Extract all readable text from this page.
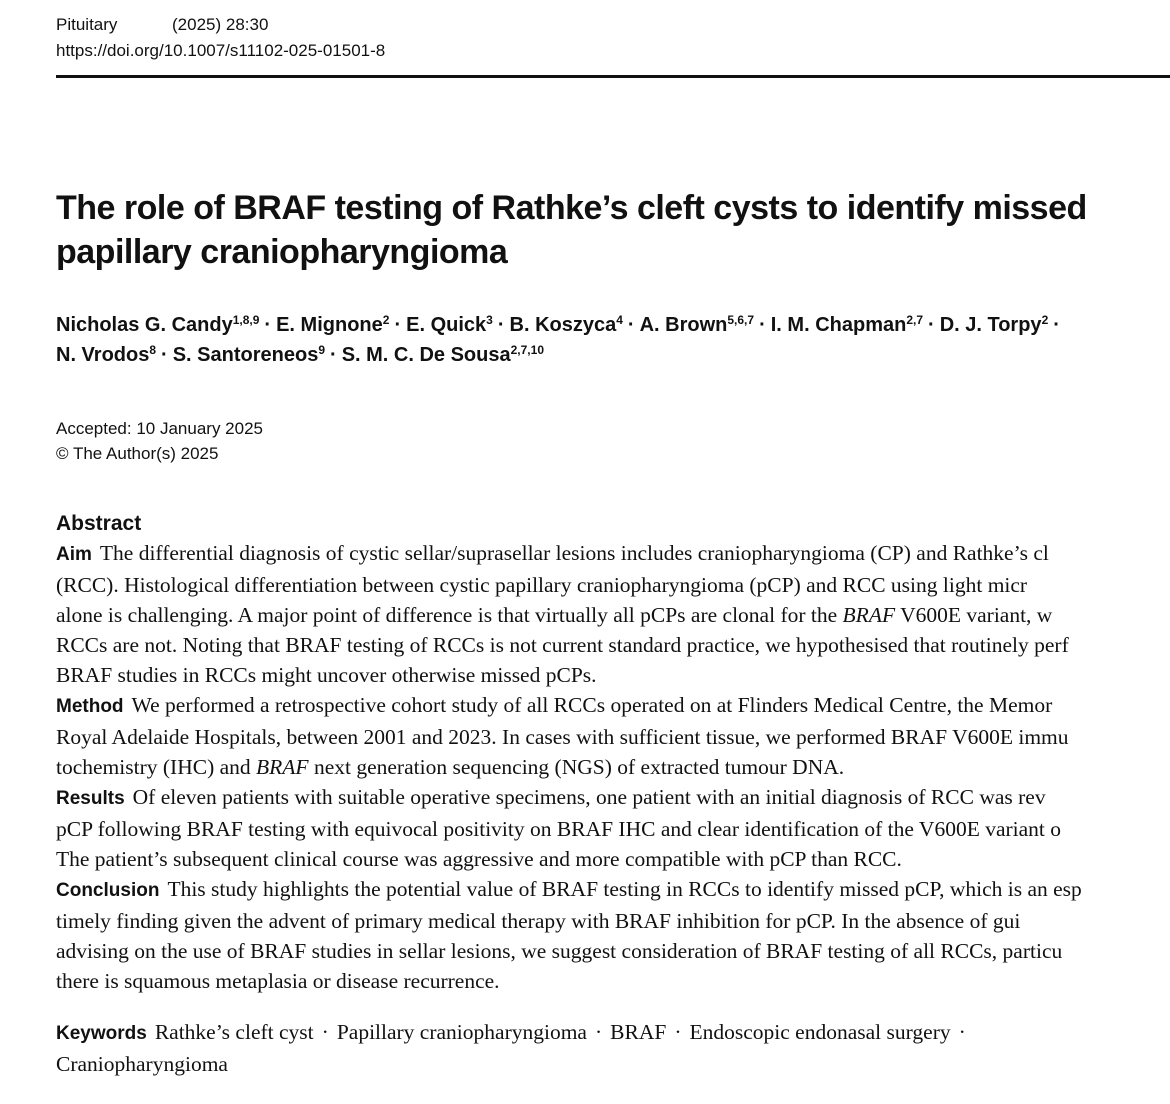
Pituitary	(2025) 28:30
https://doi.org/10.1007/s11102-025-01501-8
The role of BRAF testing of Rathke’s cleft cysts to identify missed
papillary craniopharyngioma
Nicholas G. Candy$^{1,8,9}$ · E. Mignone$^2$ · E. Quick$^3$ · B. Koszyca$^4$ · A. Brown$^{5,6,7}$ · I. M. Chapman$^{2,7}$ · D. J. Torpy$^2$ ·
N. Vrodos$^8$ · S. Santoreneos$^9$ · S. M. C. De Sousa$^{2,7,10}$
Accepted: 10 January 2025
© The Author(s) 2025
Abstract
Aim The differential diagnosis of cystic sellar/suprasellar lesions includes craniopharyngioma (CP) and Rathke’s cl
(RCC). Histological differentiation between cystic papillary craniopharyngioma (pCP) and RCC using light micr
alone is challenging. A major point of difference is that virtually all pCPs are clonal for the BRAF V600E variant, w
RCCs are not. Noting that BRAF testing of RCCs is not current standard practice, we hypothesised that routinely perf
BRAF studies in RCCs might uncover otherwise missed pCPs.
Method We performed a retrospective cohort study of all RCCs operated on at Flinders Medical Centre, the Memor
Royal Adelaide Hospitals, between 2001 and 2023. In cases with sufficient tissue, we performed BRAF V600E immu
tochemistry (IHC) and BRAF next generation sequencing (NGS) of extracted tumour DNA.
Results Of eleven patients with suitable operative specimens, one patient with an initial diagnosis of RCC was rev
pCP following BRAF testing with equivocal positivity on BRAF IHC and clear identification of the V600E variant o
The patient’s subsequent clinical course was aggressive and more compatible with pCP than RCC.
Conclusion This study highlights the potential value of BRAF testing in RCCs to identify missed pCP, which is an esp
timely finding given the advent of primary medical therapy with BRAF inhibition for pCP. In the absence of gui
advising on the use of BRAF studies in sellar lesions, we suggest consideration of BRAF testing of all RCCs, particu
there is squamous metaplasia or disease recurrence.
Keywords Rathke’s cleft cyst · Papillary craniopharyngioma · BRAF · Endoscopic endonasal surgery ·
Craniopharyngioma
